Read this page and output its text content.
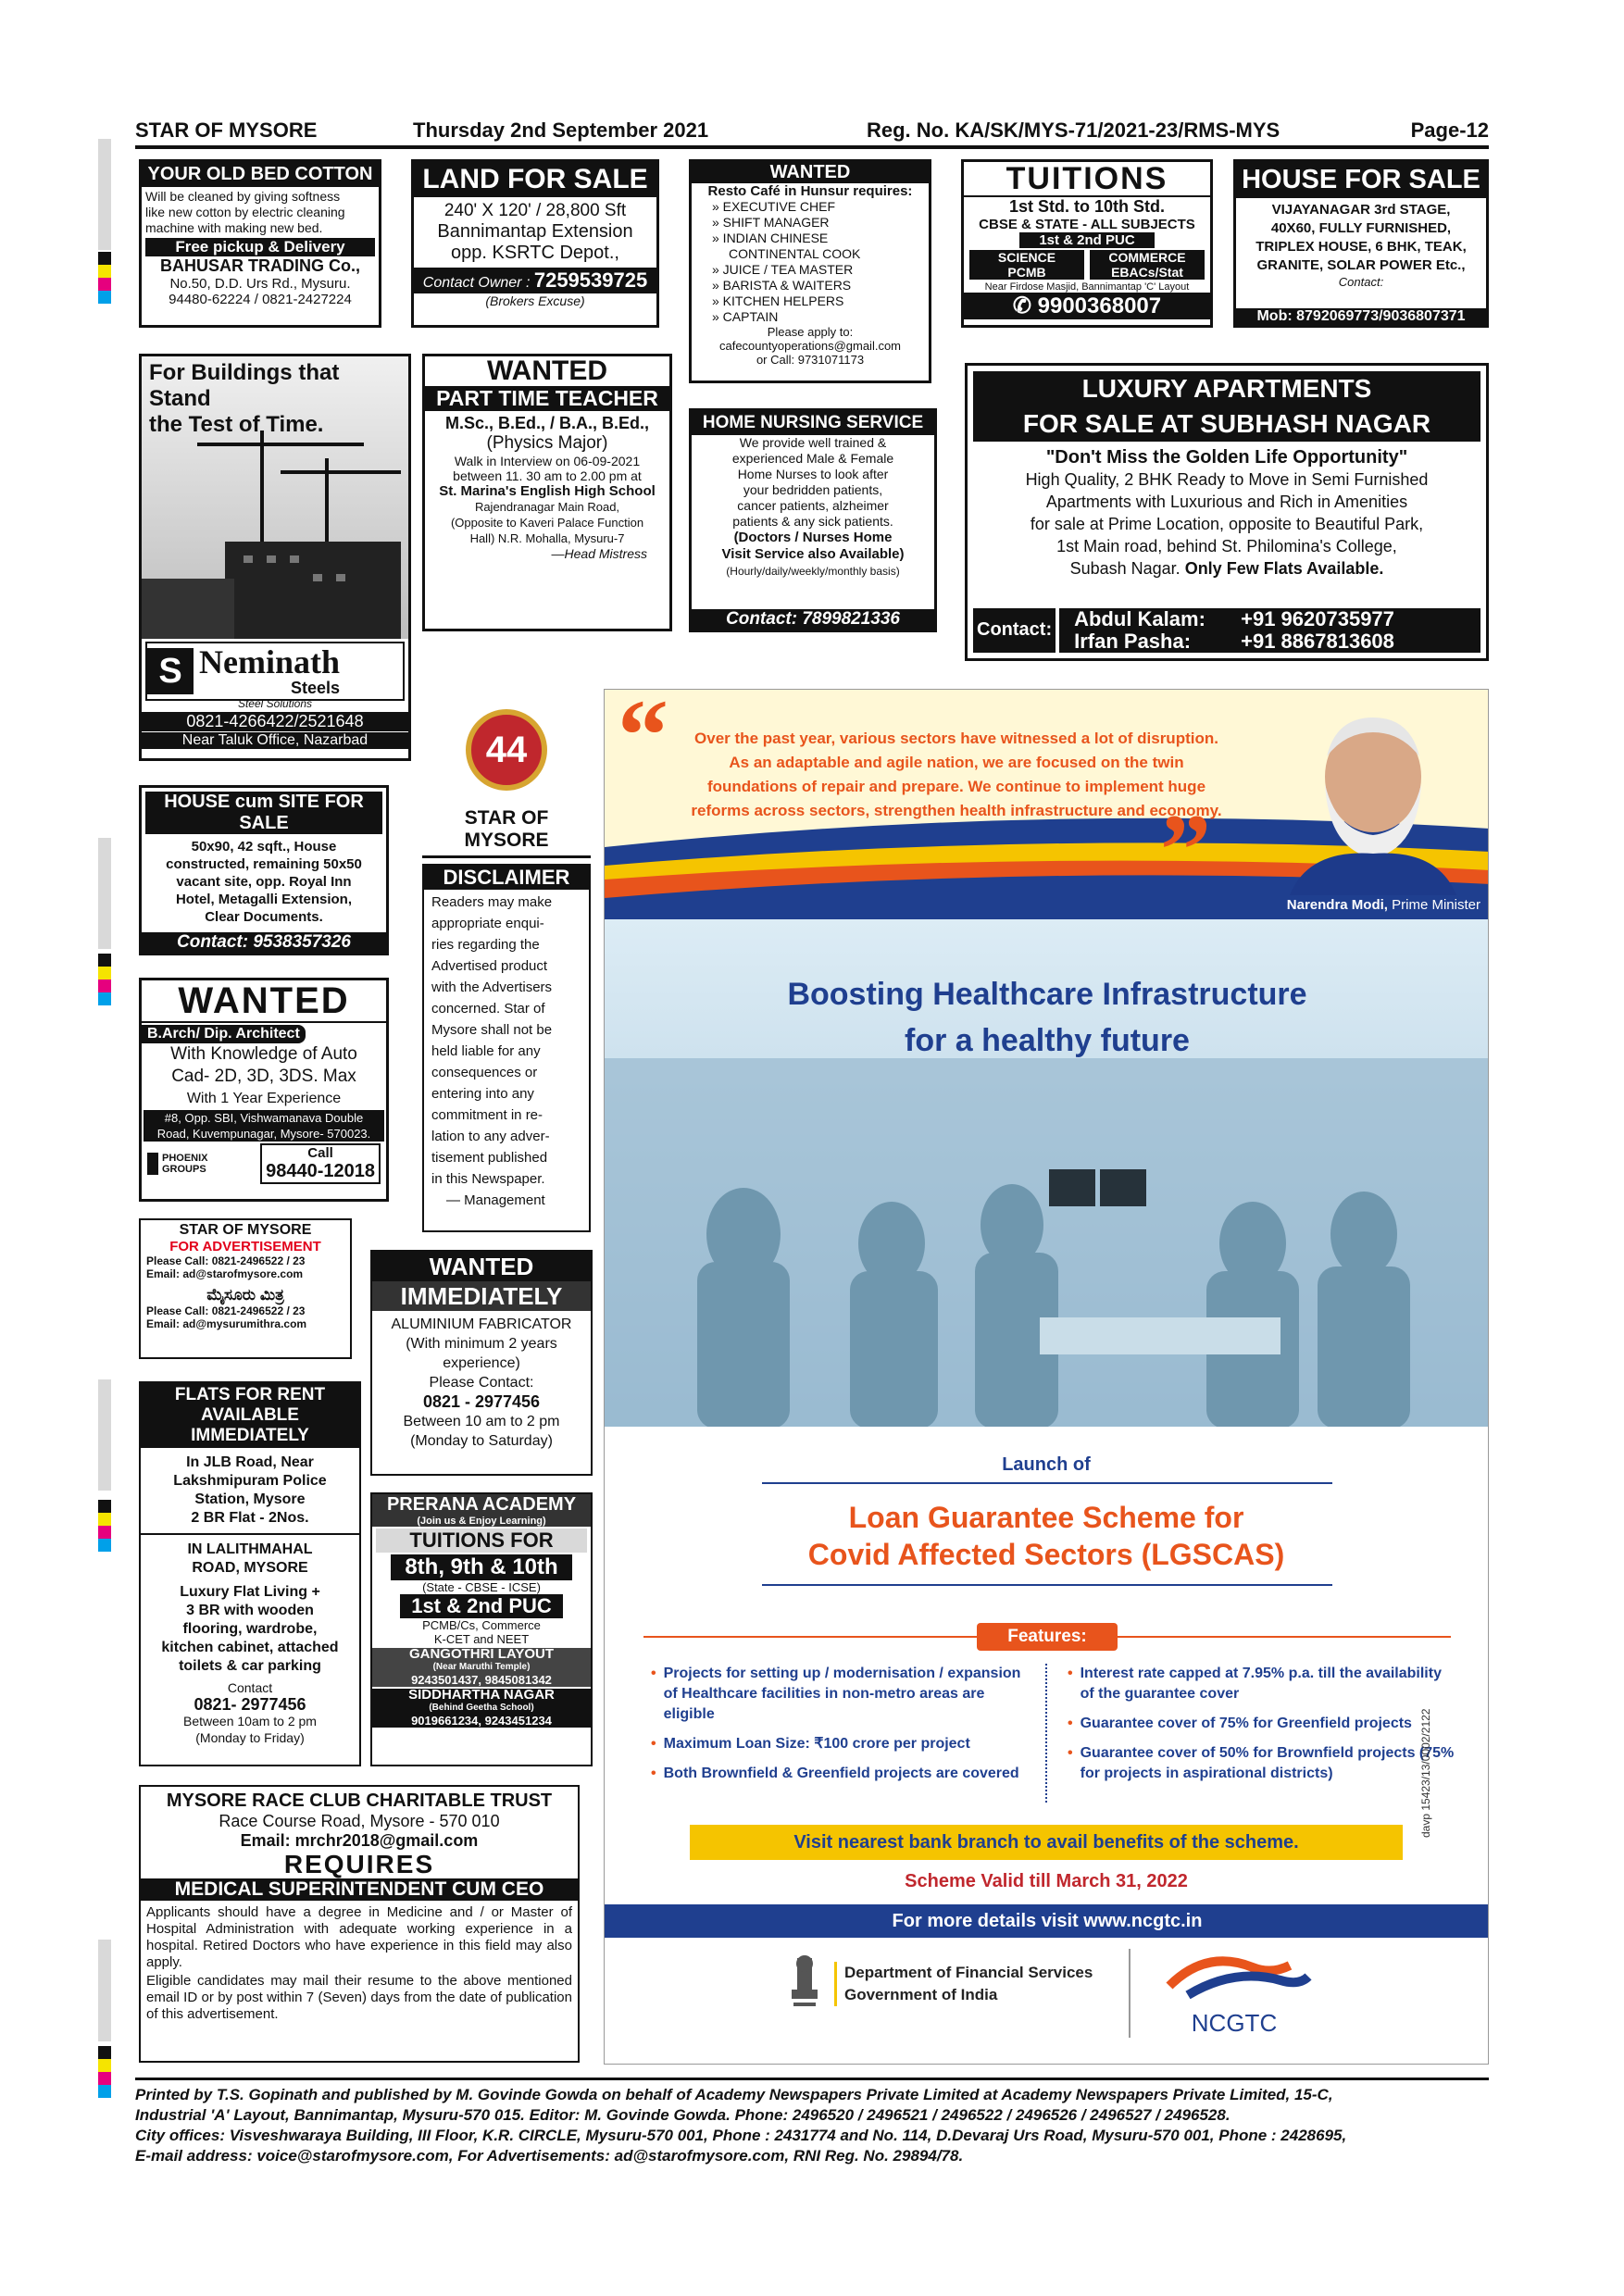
STAR OF MYSORE	Thursday 2nd September 2021	Reg. No. KA/SK/MYS-71/2021-23/RMS-MYS	Page-12
YOUR OLD BED COTTON
Will be cleaned by giving softness
like new cotton by electric cleaning
machine with making new bed.
Free pickup & Delivery
BAHUSAR TRADING Co.,
No.50, D.D. Urs Rd., Mysuru.
94480-62224 / 0821-2427224
LAND FOR SALE
240' X 120' / 28,800 Sft
Bannimantap Extension
opp. KSRTC Depot.,
Contact Owner : 7259539725
(Brokers Excuse)
WANTED
Resto Café in Hunsur requires:
» EXECUTIVE CHEF
» SHIFT MANAGER
» INDIAN CHINESE
CONTINENTAL COOK
» JUICE / TEA MASTER
» BARISTA & WAITERS
» KITCHEN HELPERS
» CAPTAIN
Please apply to:
cafecountyoperations@gmail.com
or Call: 9731071173
TUITIONS
1st Std. to 10th Std.
CBSE & STATE - ALL SUBJECTS
1st & 2nd PUC
SCIENCE
PCMB
COMMERCE
EBACs/Stat
Near Firdose Masjid, Bannimantap 'C' Layout
✆ 9900368007
HOUSE FOR SALE
VIJAYANAGAR 3rd STAGE,
40X60, FULLY FURNISHED,
TRIPLEX HOUSE, 6 BHK, TEAK,
GRANITE, SOLAR POWER Etc.,
Contact:
Mob: 8792069773/9036807371
For Buildings that Stand
the Test of Time.
S Neminath
Steels
Steel Solutions
0821-4266422/2521648
Near Taluk Office, Nazarbad
WANTED
PART TIME TEACHER
M.Sc., B.Ed., / B.A., B.Ed.,
(Physics Major)
Walk in Interview on 06-09-2021
between 11. 30 am to 2.00 pm at
St. Marina's English High School
Rajendranagar Main Road,
(Opposite to Kaveri Palace Function
Hall) N.R. Mohalla, Mysuru-7
—Head Mistress
HOME NURSING SERVICE
We provide well trained &
experienced Male & Female
Home Nurses to look after
your bedridden patients,
cancer patients, alzheimer
patients & any sick patients.
(Doctors / Nurses Home
Visit Service also Available)
(Hourly/daily/weekly/monthly basis)
Contact: 7899821336
LUXURY APARTMENTS
FOR SALE AT SUBHASH NAGAR
"Don't Miss the Golden Life Opportunity"
High Quality, 2 BHK Ready to Move in Semi Furnished
Apartments with Luxurious and Rich in Amenities
for sale at Prime Location, opposite to Beautiful Park,
1st Main road, behind St. Philomina's College,
Subash Nagar. Only Few Flats Available.
Contact: Abdul Kalam:	+91 9620735977
Irfan Pasha:	+91 8867813608
HOUSE cum SITE FOR SALE
50x90, 42 sqft., House
constructed, remaining 50x50
vacant site, opp. Royal Inn
Hotel, Metagalli Extension,
Clear Documents.
Contact: 9538357326
44
STAR OF MYSORE
DISCLAIMER
Readers may make
appropriate enqui-
ries regarding the
Advertised product
with the Advertisers
concerned. Star of
Mysore shall not be
held liable for any
consequences or
entering into any
commitment in re-
lation to any adver-
tisement published
in this Newspaper.
— Management
WANTED
B.Arch/ Dip. Architect
With Knowledge of Auto
Cad- 2D, 3D, 3DS. Max
With 1 Year Experience
#8, Opp. SBI, Vishwamanava Double
Road, Kuvempunagar, Mysore- 570023.
PHOENIX GROUPS
Call
98440-12018
STAR OF MYSORE
FOR ADVERTISEMENT
Please Call: 0821-2496522 / 23
Email: ad@starofmysore.com
ಮೈಸೂರು ಮಿತ್ರ
Please Call: 0821-2496522 / 23
Email: ad@mysurumithra.com
WANTED
IMMEDIATELY
ALUMINIUM FABRICATOR
(With minimum 2 years
experience)
Please Contact:
0821 - 2977456
Between 10 am to 2 pm
(Monday to Saturday)
FLATS FOR RENT
AVAILABLE IMMEDIATELY
In JLB Road, Near
Lakshmipuram Police
Station, Mysore
2 BR Flat - 2Nos.
IN LALITHMAHAL
ROAD, MYSORE
Luxury Flat Living +
3 BR with wooden
flooring, wardrobe,
kitchen cabinet, attached
toilets & car parking
Contact
0821- 2977456
Between 10am to 2 pm
(Monday to Friday)
PRERANA ACADEMY
(Join us & Enjoy Learning)
TUITIONS FOR
8th, 9th & 10th
(State - CBSE - ICSE)
1st & 2nd PUC
PCMB/Cs, Commerce
K-CET and NEET
GANGOTHRI LAYOUT
(Near Maruthi Temple)
9243501437, 9845081342
SIDDHARTHA NAGAR
(Behind Geetha School)
9019661234, 9243451234
MYSORE RACE CLUB CHARITABLE TRUST
Race Course Road, Mysore - 570 010
Email: mrchr2018@gmail.com
REQUIRES
MEDICAL SUPERINTENDENT CUM CEO
Applicants should have a degree in Medicine and / or Master of Hospital Administration with adequate working experience in a hospital. Retired Doctors who have experience in this field may also apply.
Eligible candidates may mail their resume to the above mentioned email ID or by post within 7 (Seven) days from the date of publication of this advertisement.
“	Over the past year, various sectors have witnessed a lot of disruption. As an adaptable and agile nation, we are focused on the twin foundations of repair and prepare. We continue to implement huge reforms across sectors, strengthen health infrastructure and economy.
”	Narendra Modi, Prime Minister
Boosting Healthcare Infrastructure
for a healthy future
Launch of
Loan Guarantee Scheme for
Covid Affected Sectors (LGSCAS)
Features:
• Projects for setting up / modernisation / expansion of Healthcare facilities in non-metro areas are eligible
• Maximum Loan Size: ₹100 crore per project
• Both Brownfield & Greenfield projects are covered
• Interest rate capped at 7.95% p.a. till the availability of the guarantee cover
• Guarantee cover of 75% for Greenfield projects
• Guarantee cover of 50% for Brownfield projects (75% for projects in aspirational districts)
Visit nearest bank branch to avail benefits of the scheme.
Scheme Valid till March 31, 2022
For more details visit www.ncgtc.in
Department of Financial Services
Government of India
NCGTC
davp 15423/13/0002/2122
Printed by T.S. Gopinath and published by M. Govinde Gowda on behalf of Academy Newspapers Private Limited at Academy Newspapers Private Limited, 15-C,
Industrial 'A' Layout, Bannimantap, Mysuru-570 015. Editor: M. Govinde Gowda. Phone: 2496520 / 2496521 / 2496522 / 2496526 / 2496527 / 2496528.
City offices: Visveshwaraya Building, III Floor, K.R. CIRCLE, Mysuru-570 001, Phone : 2431774 and No. 114, D.Devaraj Urs Road, Mysuru-570 001, Phone : 2428695,
E-mail address: voice@starofmysore.com, For Advertisements: ad@starofmysore.com, RNI Reg. No. 29894/78.
